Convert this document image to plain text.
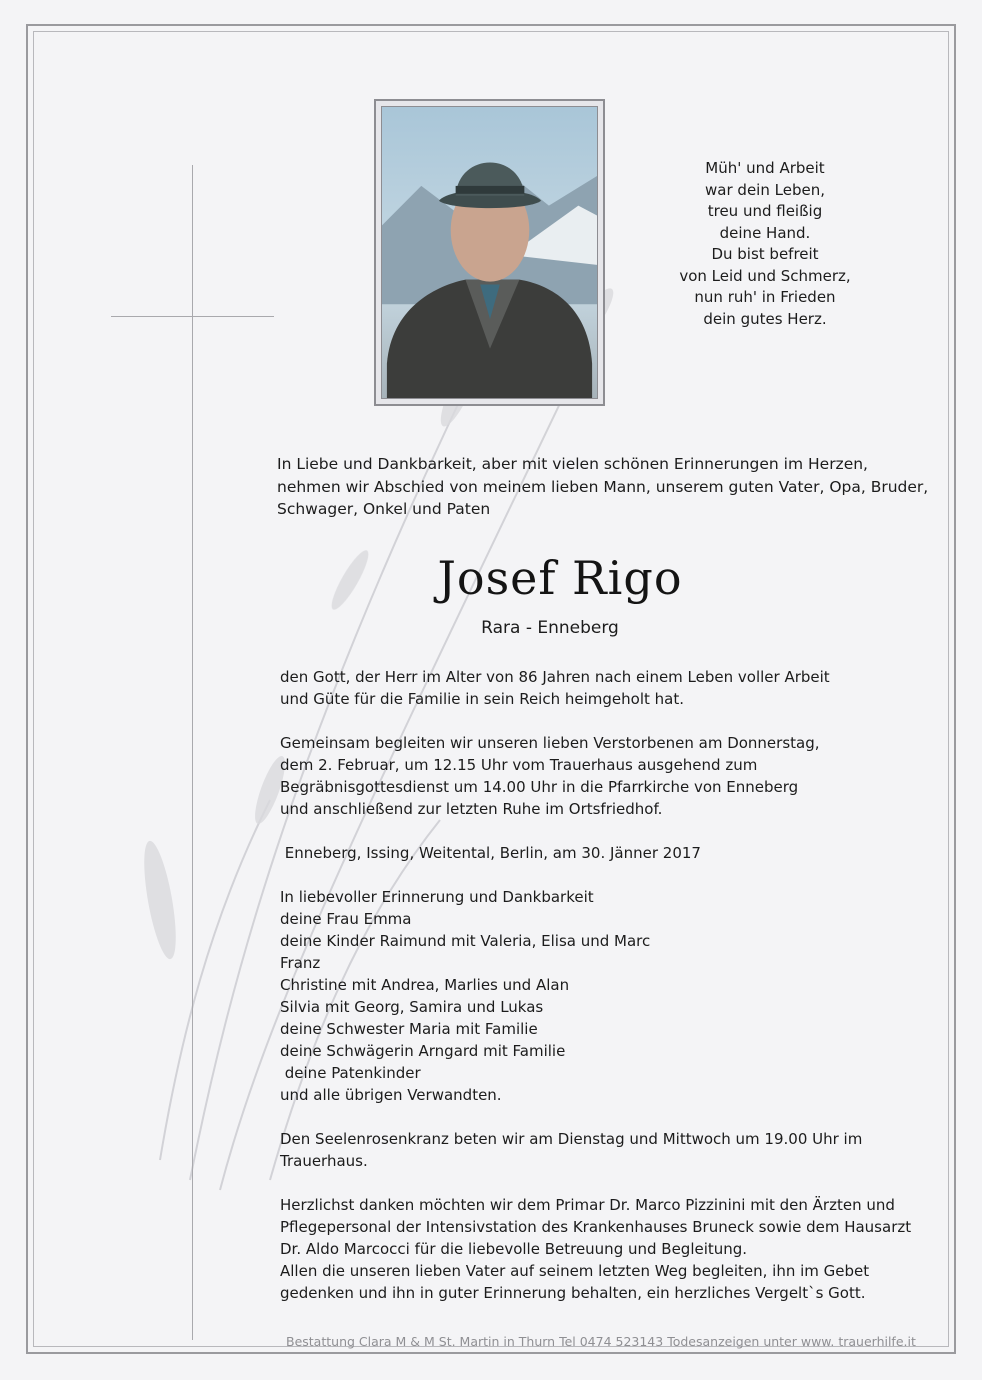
Müh' und Arbeit
war dein Leben,
treu und fleißig
deine Hand.
Du bist befreit
von Leid und Schmerz,
nun ruh' in Frieden
dein gutes Herz.
In Liebe und Dankbarkeit, aber mit vielen schönen Erinnerungen im Herzen,
nehmen wir Abschied von meinem lieben Mann, unserem guten Vater, Opa, Bruder,
Schwager, Onkel und Paten
Josef Rigo
Rara - Enneberg
den Gott, der Herr im Alter von 86 Jahren nach einem Leben voller Arbeit
und Güte für die Familie in sein Reich heimgeholt hat.
Gemeinsam begleiten wir unseren lieben Verstorbenen am Donnerstag,
dem 2. Februar, um 12.15 Uhr vom Trauerhaus ausgehend zum
Begräbnisgottesdienst um 14.00 Uhr in die Pfarrkirche von Enneberg
und anschließend zur letzten Ruhe im Ortsfriedhof.
Enneberg, Issing, Weitental, Berlin, am 30. Jänner 2017
In liebevoller Erinnerung und Dankbarkeit
deine Frau Emma
deine Kinder Raimund mit Valeria, Elisa und Marc
Franz
Christine mit Andrea, Marlies und Alan
Silvia mit Georg, Samira und Lukas
deine Schwester Maria mit Familie
deine Schwägerin Arngard mit Familie
deine Patenkinder
und alle übrigen Verwandten.
Den Seelenrosenkranz beten wir am Dienstag und Mittwoch um 19.00 Uhr im
Trauerhaus.
Herzlichst danken möchten wir dem Primar Dr. Marco Pizzinini mit den Ärzten und
Pflegepersonal der Intensivstation des Krankenhauses Bruneck sowie dem Hausarzt
Dr. Aldo Marcocci für die liebevolle Betreuung und Begleitung.
Allen die unseren lieben Vater auf seinem letzten Weg begleiten, ihn im Gebet
gedenken und ihn in guter Erinnerung behalten, ein herzliches Vergelt`s Gott.
Bestattung Clara M & M St. Martin in Thurn Tel 0474 523143 Todesanzeigen unter www. trauerhilfe.it
